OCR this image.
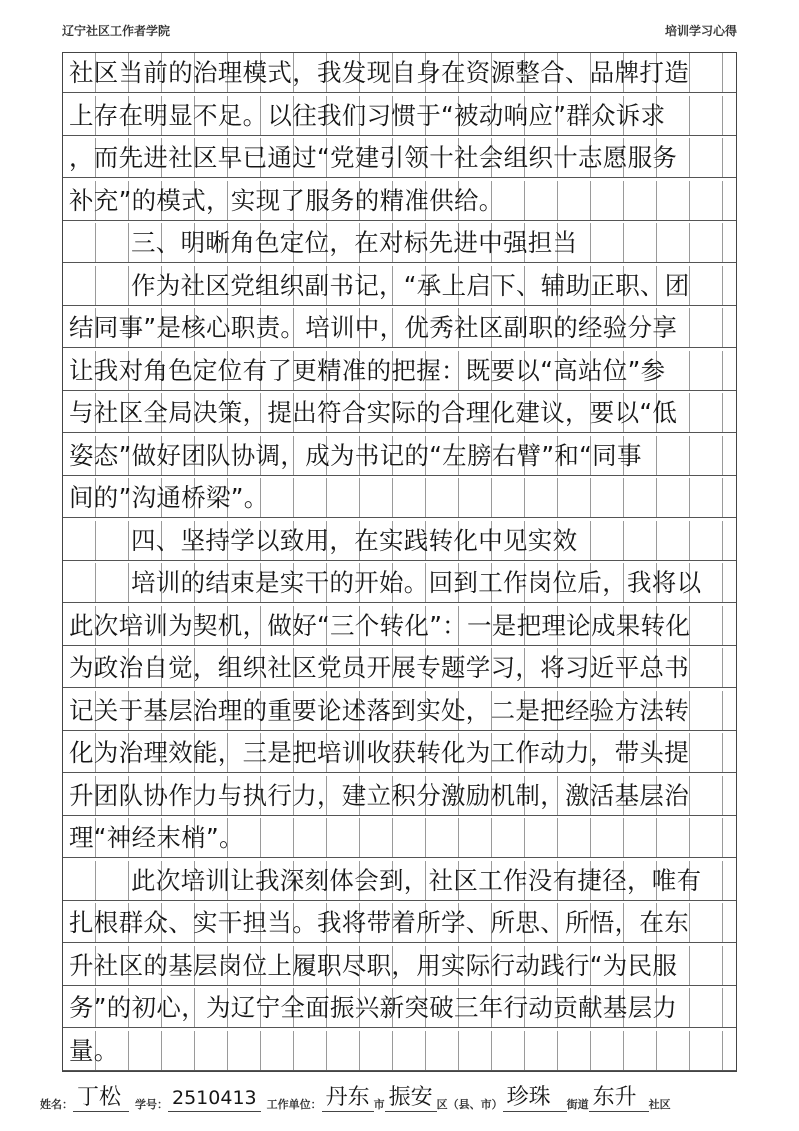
辽宁社区工作者学院	培训学习心得
社区当前的治理模式，我发现自身在资源整合、品牌打造
上存在明显不足。以往我们习惯于“被动响应”群众诉求
，而先进社区早已通过“党建引领十社会组织十志愿服务
补充”的模式，实现了服务的精准供给。
三、明晰角色定位，在对标先进中强担当
作为社区党组织副书记，“承上启下、辅助正职、团
结同事”是核心职责。培训中，优秀社区副职的经验分享
让我对角色定位有了更精准的把握：既要以“高站位”参
与社区全局决策，提出符合实际的合理化建议，要以“低
姿态”做好团队协调，成为书记的“左膀右臂”和“同事
间的”沟通桥梁”。
四、坚持学以致用，在实践转化中见实效
培训的结束是实干的开始。回到工作岗位后，我将以
此次培训为契机，做好“三个转化”：一是把理论成果转化
为政治自觉，组织社区党员开展专题学习，将习近平总书
记关于基层治理的重要论述落到实处，二是把经验方法转
化为治理效能，三是把培训收获转化为工作动力，带头提
升团队协作力与执行力，建立积分激励机制，激活基层治
理“神经末梢”。
此次培训让我深刻体会到，社区工作没有捷径，唯有
扎根群众、实干担当。我将带着所学、所思、所悟，在东
升社区的基层岗位上履职尽职，用实际行动践行“为民服
务”的初心，为辽宁全面振兴新突破三年行动贡献基层力
量。
姓名： 丁松	学号： 2510413 工作单位： 丹东 市 振安 区（县、市） 珍珠	街道 东升	社区
